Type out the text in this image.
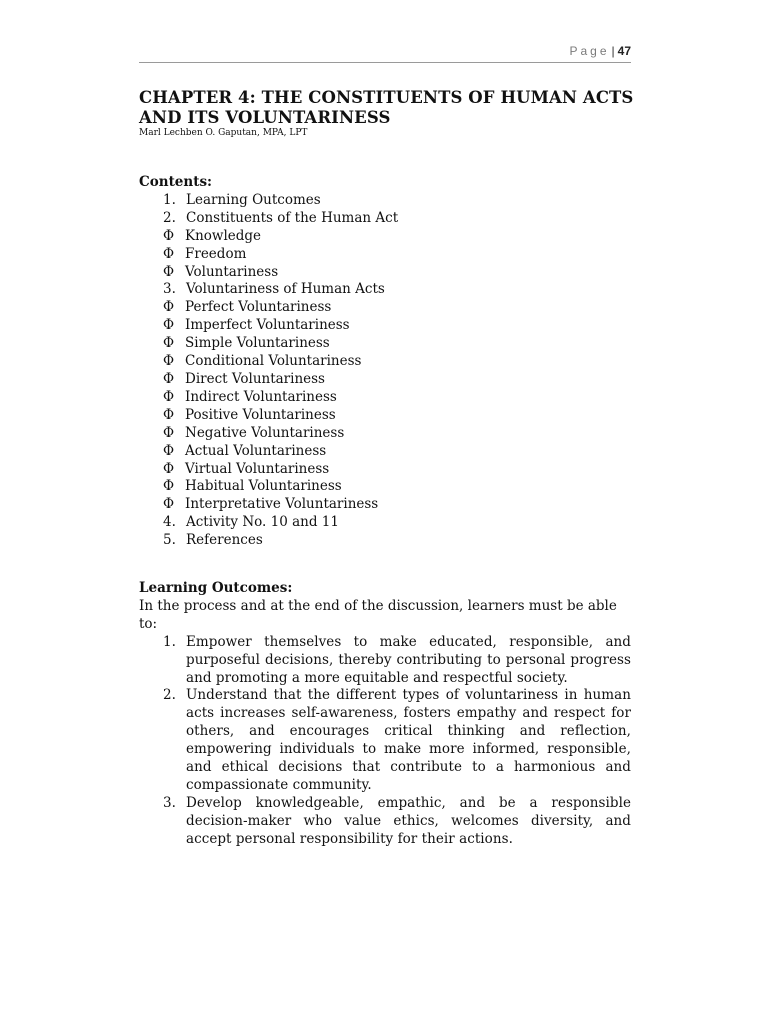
Page | 47
CHAPTER 4: THE CONSTITUENTS OF HUMAN ACTS AND ITS VOLUNTARINESS

Marl Lechben O. Gaputan, MPA, LPT

Contents:

1. Learning Outcomes
2. Constituents of the Human Act
Φ Knowledge
Φ Freedom
Φ Voluntariness
3. Voluntariness of Human Acts
Φ Perfect Voluntariness
Φ Imperfect Voluntariness
Φ Simple Voluntariness
Φ Conditional Voluntariness
Φ Direct Voluntariness
Φ Indirect Voluntariness
Φ Positive Voluntariness
Φ Negative Voluntariness
Φ Actual Voluntariness
Φ Virtual Voluntariness
Φ Habitual Voluntariness
Φ Interpretative Voluntariness
4. Activity No. 10 and 11
5. References

Learning Outcomes:

In the process and at the end of the discussion, learners must be able to:

1. Empower themselves to make educated, responsible, and purposeful decisions, thereby contributing to personal progress and promoting a more equitable and respectful society.
2. Understand that the different types of voluntariness in human acts increases self-awareness, fosters empathy and respect for others, and encourages critical thinking and reflection, empowering individuals to make more informed, responsible, and ethical decisions that contribute to a harmonious and compassionate community.
3. Develop knowledgeable, empathic, and be a responsible decision-maker who value ethics, welcomes diversity, and accept personal responsibility for their actions.
